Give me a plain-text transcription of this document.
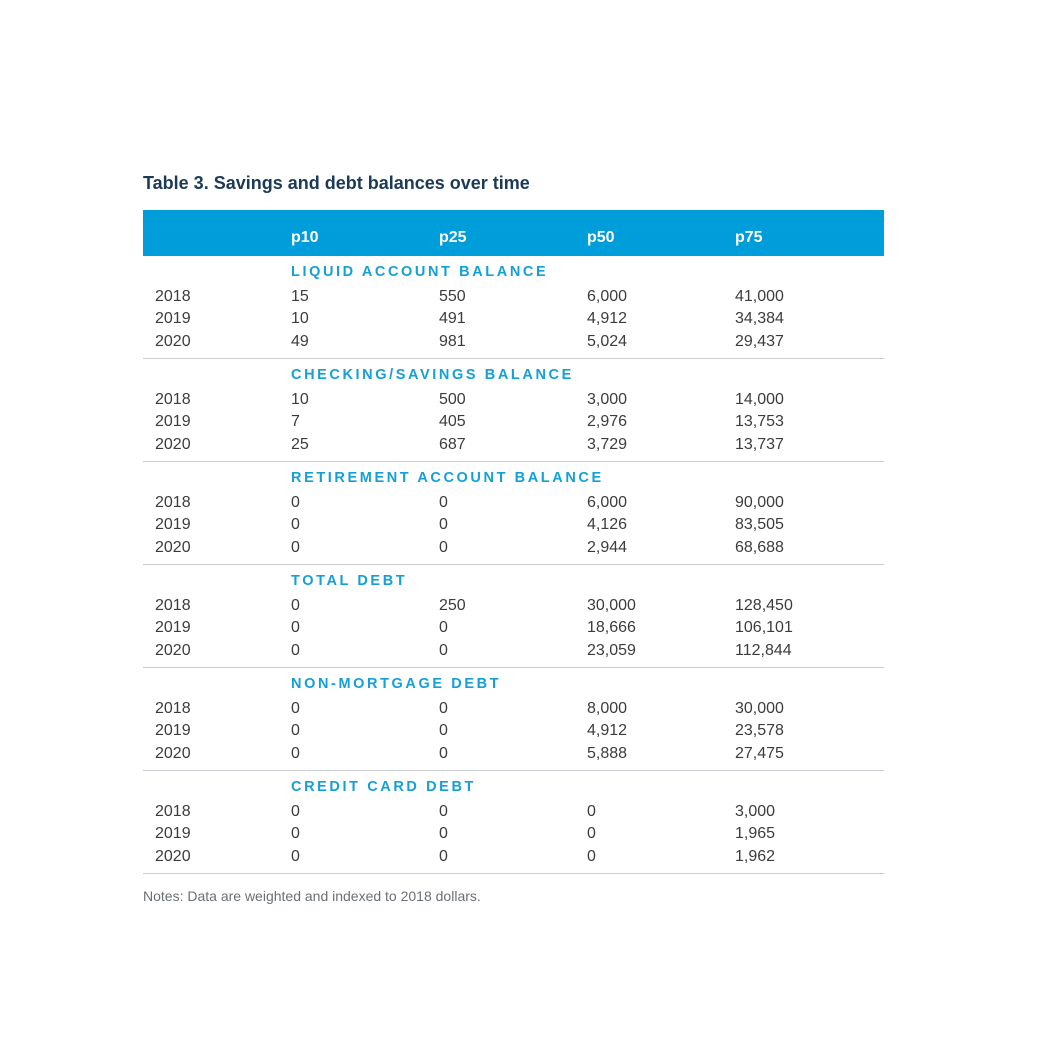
Table 3. Savings and debt balances over time
p10	p25	p50	p75
LIQUID ACCOUNT BALANCE
2018	15	550	6,000	41,000
2019	10	491	4,912	34,384
2020	49	981	5,024	29,437
CHECKING/SAVINGS BALANCE
2018	10	500	3,000	14,000
2019	7	405	2,976	13,753
2020	25	687	3,729	13,737
RETIREMENT ACCOUNT BALANCE
2018	0	0	6,000	90,000
2019	0	0	4,126	83,505
2020	0	0	2,944	68,688
TOTAL DEBT
2018	0	250	30,000	128,450
2019	0	0	18,666	106,101
2020	0	0	23,059	112,844
NON-MORTGAGE DEBT
2018	0	0	8,000	30,000
2019	0	0	4,912	23,578
2020	0	0	5,888	27,475
CREDIT CARD DEBT
2018	0	0	0	3,000
2019	0	0	0	1,965
2020	0	0	0	1,962
Notes: Data are weighted and indexed to 2018 dollars.
